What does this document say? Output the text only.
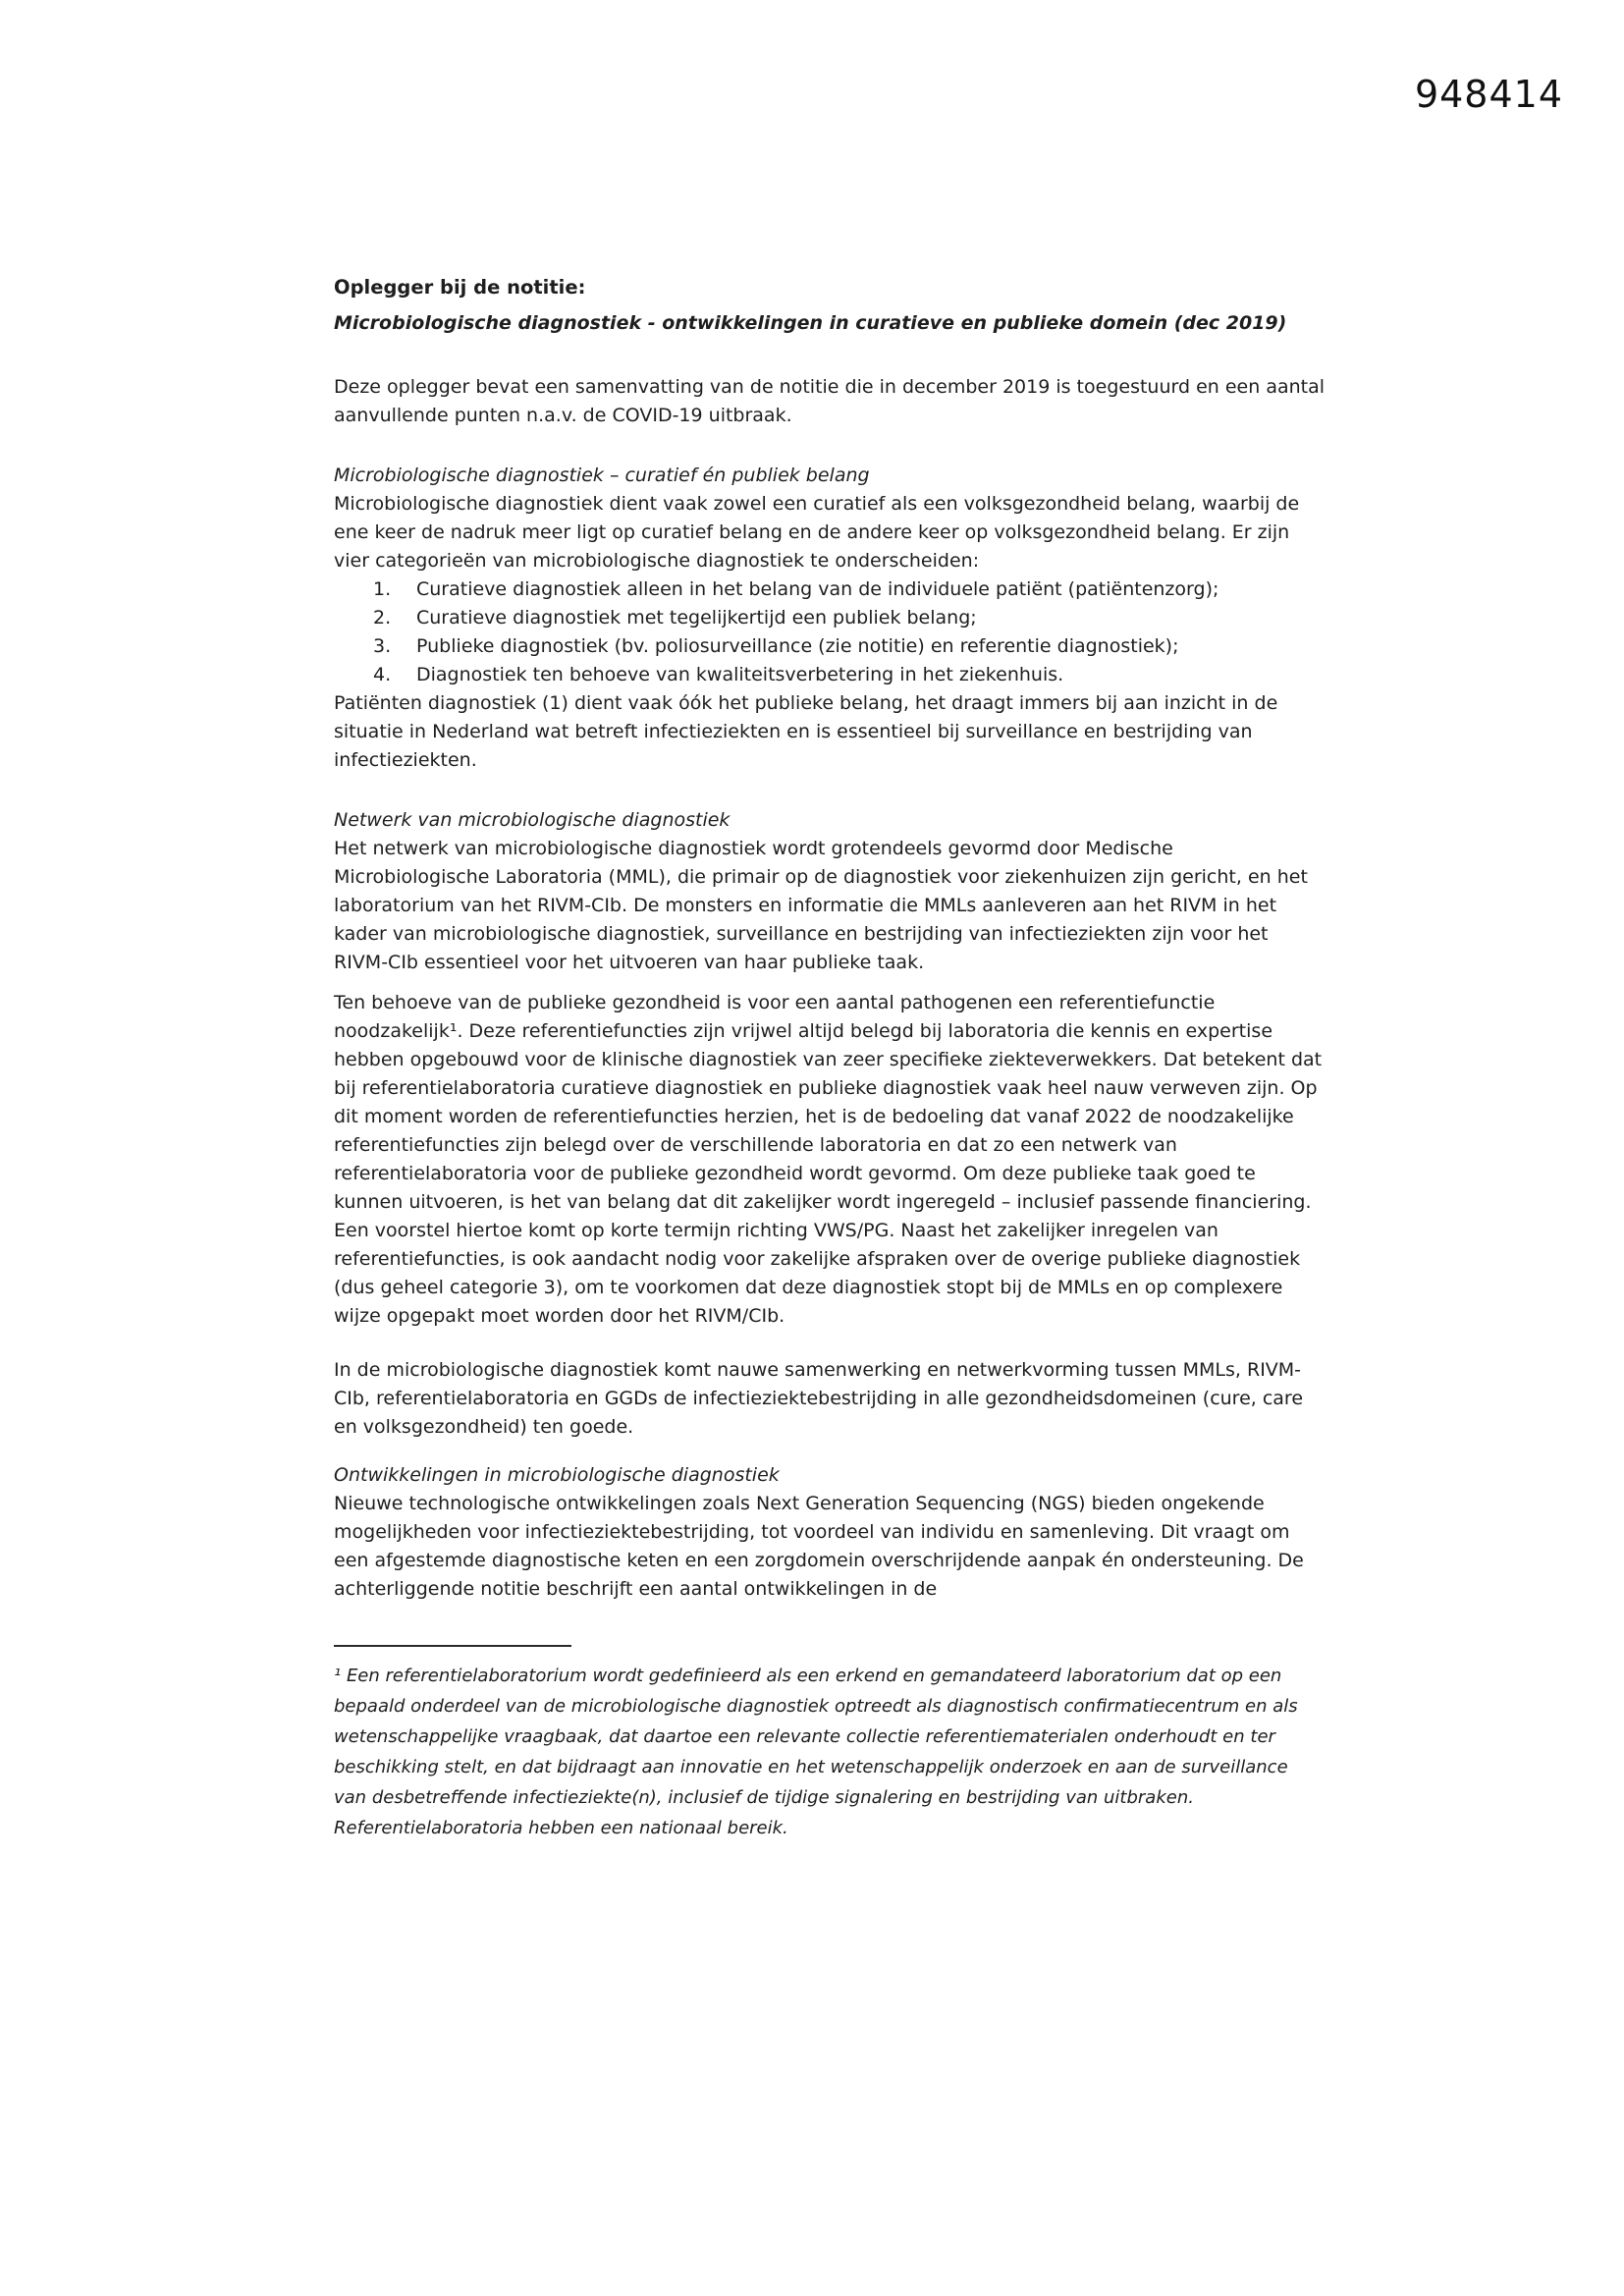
948414
Oplegger bij de notitie:
Microbiologische diagnostiek - ontwikkelingen in curatieve en publieke domein (dec 2019)

Deze oplegger bevat een samenvatting van de notitie die in december 2019 is toegestuurd en een aantal aanvullende punten n.a.v. de COVID-19 uitbraak.

Microbiologische diagnostiek – curatief én publiek belang

Microbiologische diagnostiek dient vaak zowel een curatief als een volksgezondheid belang, waarbij de ene keer de nadruk meer ligt op curatief belang en de andere keer op volksgezondheid belang. Er zijn vier categorieën van microbiologische diagnostiek te onderscheiden:

1.	Curatieve diagnostiek alleen in het belang van de individuele patiënt (patiëntenzorg);
2.	Curatieve diagnostiek met tegelijkertijd een publiek belang;
3.	Publieke diagnostiek (bv. poliosurveillance (zie notitie) en referentie diagnostiek);
4.	Diagnostiek ten behoeve van kwaliteitsverbetering in het ziekenhuis.

Patiënten diagnostiek (1) dient vaak óók het publieke belang, het draagt immers bij aan inzicht in de situatie in Nederland wat betreft infectieziekten en is essentieel bij surveillance en bestrijding van infectieziekten.

Netwerk van microbiologische diagnostiek

Het netwerk van microbiologische diagnostiek wordt grotendeels gevormd door Medische Microbiologische Laboratoria (MML), die primair op de diagnostiek voor ziekenhuizen zijn gericht, en het laboratorium van het RIVM-CIb. De monsters en informatie die MMLs aanleveren aan het RIVM in het kader van microbiologische diagnostiek, surveillance en bestrijding van infectieziekten zijn voor het RIVM-CIb essentieel voor het uitvoeren van haar publieke taak.

Ten behoeve van de publieke gezondheid is voor een aantal pathogenen een referentiefunctie noodzakelijk¹. Deze referentiefuncties zijn vrijwel altijd belegd bij laboratoria die kennis en expertise hebben opgebouwd voor de klinische diagnostiek van zeer specifieke ziekteverwekkers. Dat betekent dat bij referentielaboratoria curatieve diagnostiek en publieke diagnostiek vaak heel nauw verweven zijn. Op dit moment worden de referentiefuncties herzien, het is de bedoeling dat vanaf 2022 de noodzakelijke referentiefuncties zijn belegd over de verschillende laboratoria en dat zo een netwerk van referentielaboratoria voor de publieke gezondheid wordt gevormd. Om deze publieke taak goed te kunnen uitvoeren, is het van belang dat dit zakelijker wordt ingeregeld – inclusief passende financiering. Een voorstel hiertoe komt op korte termijn richting VWS/PG. Naast het zakelijker inregelen van referentiefuncties, is ook aandacht nodig voor zakelijke afspraken over de overige publieke diagnostiek (dus geheel categorie 3), om te voorkomen dat deze diagnostiek stopt bij de MMLs en op complexere wijze opgepakt moet worden door het RIVM/CIb.

In de microbiologische diagnostiek komt nauwe samenwerking en netwerkvorming tussen MMLs, RIVM-CIb, referentielaboratoria en GGDs de infectieziektebestrijding in alle gezondheidsdomeinen (cure, care en volksgezondheid) ten goede.

Ontwikkelingen in microbiologische diagnostiek

Nieuwe technologische ontwikkelingen zoals Next Generation Sequencing (NGS) bieden ongekende mogelijkheden voor infectieziektebestrijding, tot voordeel van individu en samenleving. Dit vraagt om een afgestemde diagnostische keten en een zorgdomein overschrijdende aanpak én ondersteuning. De achterliggende notitie beschrijft een aantal ontwikkelingen in de

¹ Een referentielaboratorium wordt gedefinieerd als een erkend en gemandateerd laboratorium dat op een bepaald onderdeel van de microbiologische diagnostiek optreedt als diagnostisch confirmatiecentrum en als wetenschappelijke vraagbaak, dat daartoe een relevante collectie referentiematerialen onderhoudt en ter beschikking stelt, en dat bijdraagt aan innovatie en het wetenschappelijk onderzoek en aan de surveillance van desbetreffende infectieziekte(n), inclusief de tijdige signalering en bestrijding van uitbraken. Referentielaboratoria hebben een nationaal bereik.
